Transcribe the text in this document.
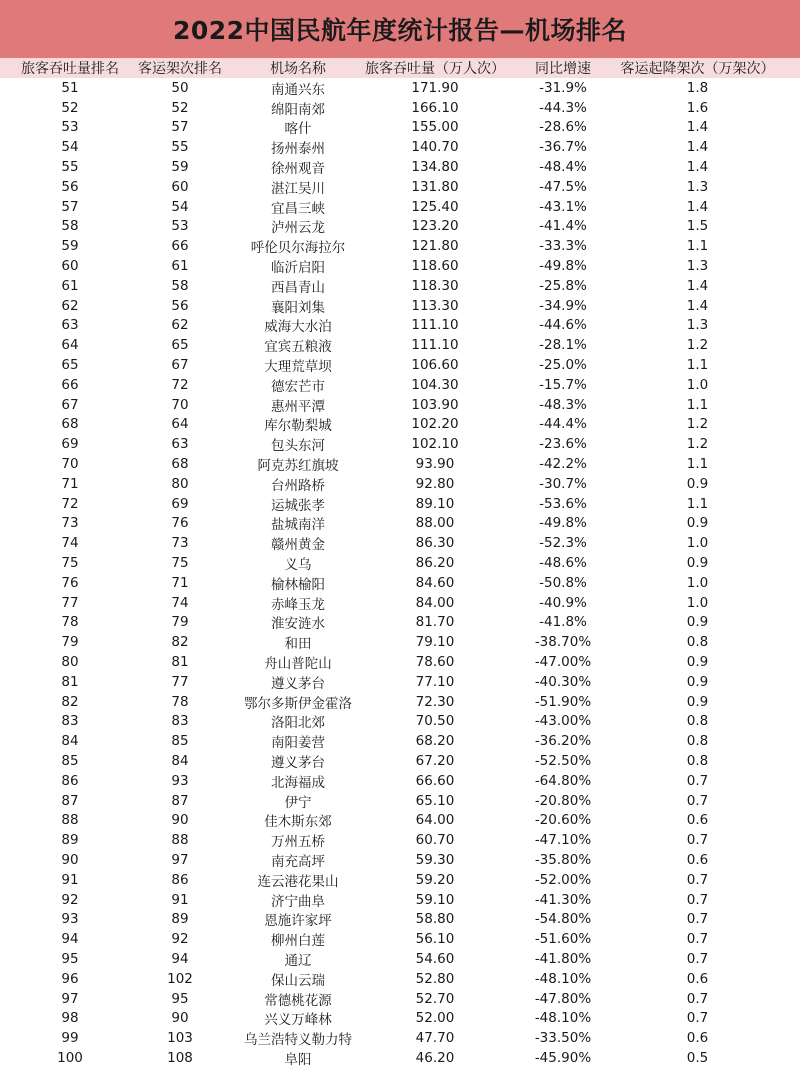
2022中国民航年度统计报告—机场排名
旅客吞吐量排名	客运架次排名	机场名称	旅客吞吐量（万人次）	同比增速	客运起降架次（万架次）
51	50	南通兴东	171.90	-31.9%	1.8
52	52	绵阳南郊	166.10	-44.3%	1.6
53	57	喀什	155.00	-28.6%	1.4
54	55	扬州泰州	140.70	-36.7%	1.4
55	59	徐州观音	134.80	-48.4%	1.4
56	60	湛江吴川	131.80	-47.5%	1.3
57	54	宜昌三峡	125.40	-43.1%	1.4
58	53	泸州云龙	123.20	-41.4%	1.5
59	66	呼伦贝尔海拉尔	121.80	-33.3%	1.1
60	61	临沂启阳	118.60	-49.8%	1.3
61	58	西昌青山	118.30	-25.8%	1.4
62	56	襄阳刘集	113.30	-34.9%	1.4
63	62	威海大水泊	111.10	-44.6%	1.3
64	65	宜宾五粮液	111.10	-28.1%	1.2
65	67	大理荒草坝	106.60	-25.0%	1.1
66	72	德宏芒市	104.30	-15.7%	1.0
67	70	惠州平潭	103.90	-48.3%	1.1
68	64	库尔勒梨城	102.20	-44.4%	1.2
69	63	包头东河	102.10	-23.6%	1.2
70	68	阿克苏红旗坡	93.90	-42.2%	1.1
71	80	台州路桥	92.80	-30.7%	0.9
72	69	运城张孝	89.10	-53.6%	1.1
73	76	盐城南洋	88.00	-49.8%	0.9
74	73	赣州黄金	86.30	-52.3%	1.0
75	75	义乌	86.20	-48.6%	0.9
76	71	榆林榆阳	84.60	-50.8%	1.0
77	74	赤峰玉龙	84.00	-40.9%	1.0
78	79	淮安涟水	81.70	-41.8%	0.9
79	82	和田	79.10	-38.70%	0.8
80	81	舟山普陀山	78.60	-47.00%	0.9
81	77	遵义茅台	77.10	-40.30%	0.9
82	78	鄂尔多斯伊金霍洛	72.30	-51.90%	0.9
83	83	洛阳北郊	70.50	-43.00%	0.8
84	85	南阳姜营	68.20	-36.20%	0.8
85	84	遵义茅台	67.20	-52.50%	0.8
86	93	北海福成	66.60	-64.80%	0.7
87	87	伊宁	65.10	-20.80%	0.7
88	90	佳木斯东郊	64.00	-20.60%	0.6
89	88	万州五桥	60.70	-47.10%	0.7
90	97	南充高坪	59.30	-35.80%	0.6
91	86	连云港花果山	59.20	-52.00%	0.7
92	91	济宁曲阜	59.10	-41.30%	0.7
93	89	恩施许家坪	58.80	-54.80%	0.7
94	92	柳州白莲	56.10	-51.60%	0.7
95	94	通辽	54.60	-41.80%	0.7
96	102	保山云瑞	52.80	-48.10%	0.6
97	95	常德桃花源	52.70	-47.80%	0.7
98	90	兴义万峰林	52.00	-48.10%	0.7
99	103	乌兰浩特义勒力特	47.70	-33.50%	0.6
100	108	阜阳	46.20	-45.90%	0.5
